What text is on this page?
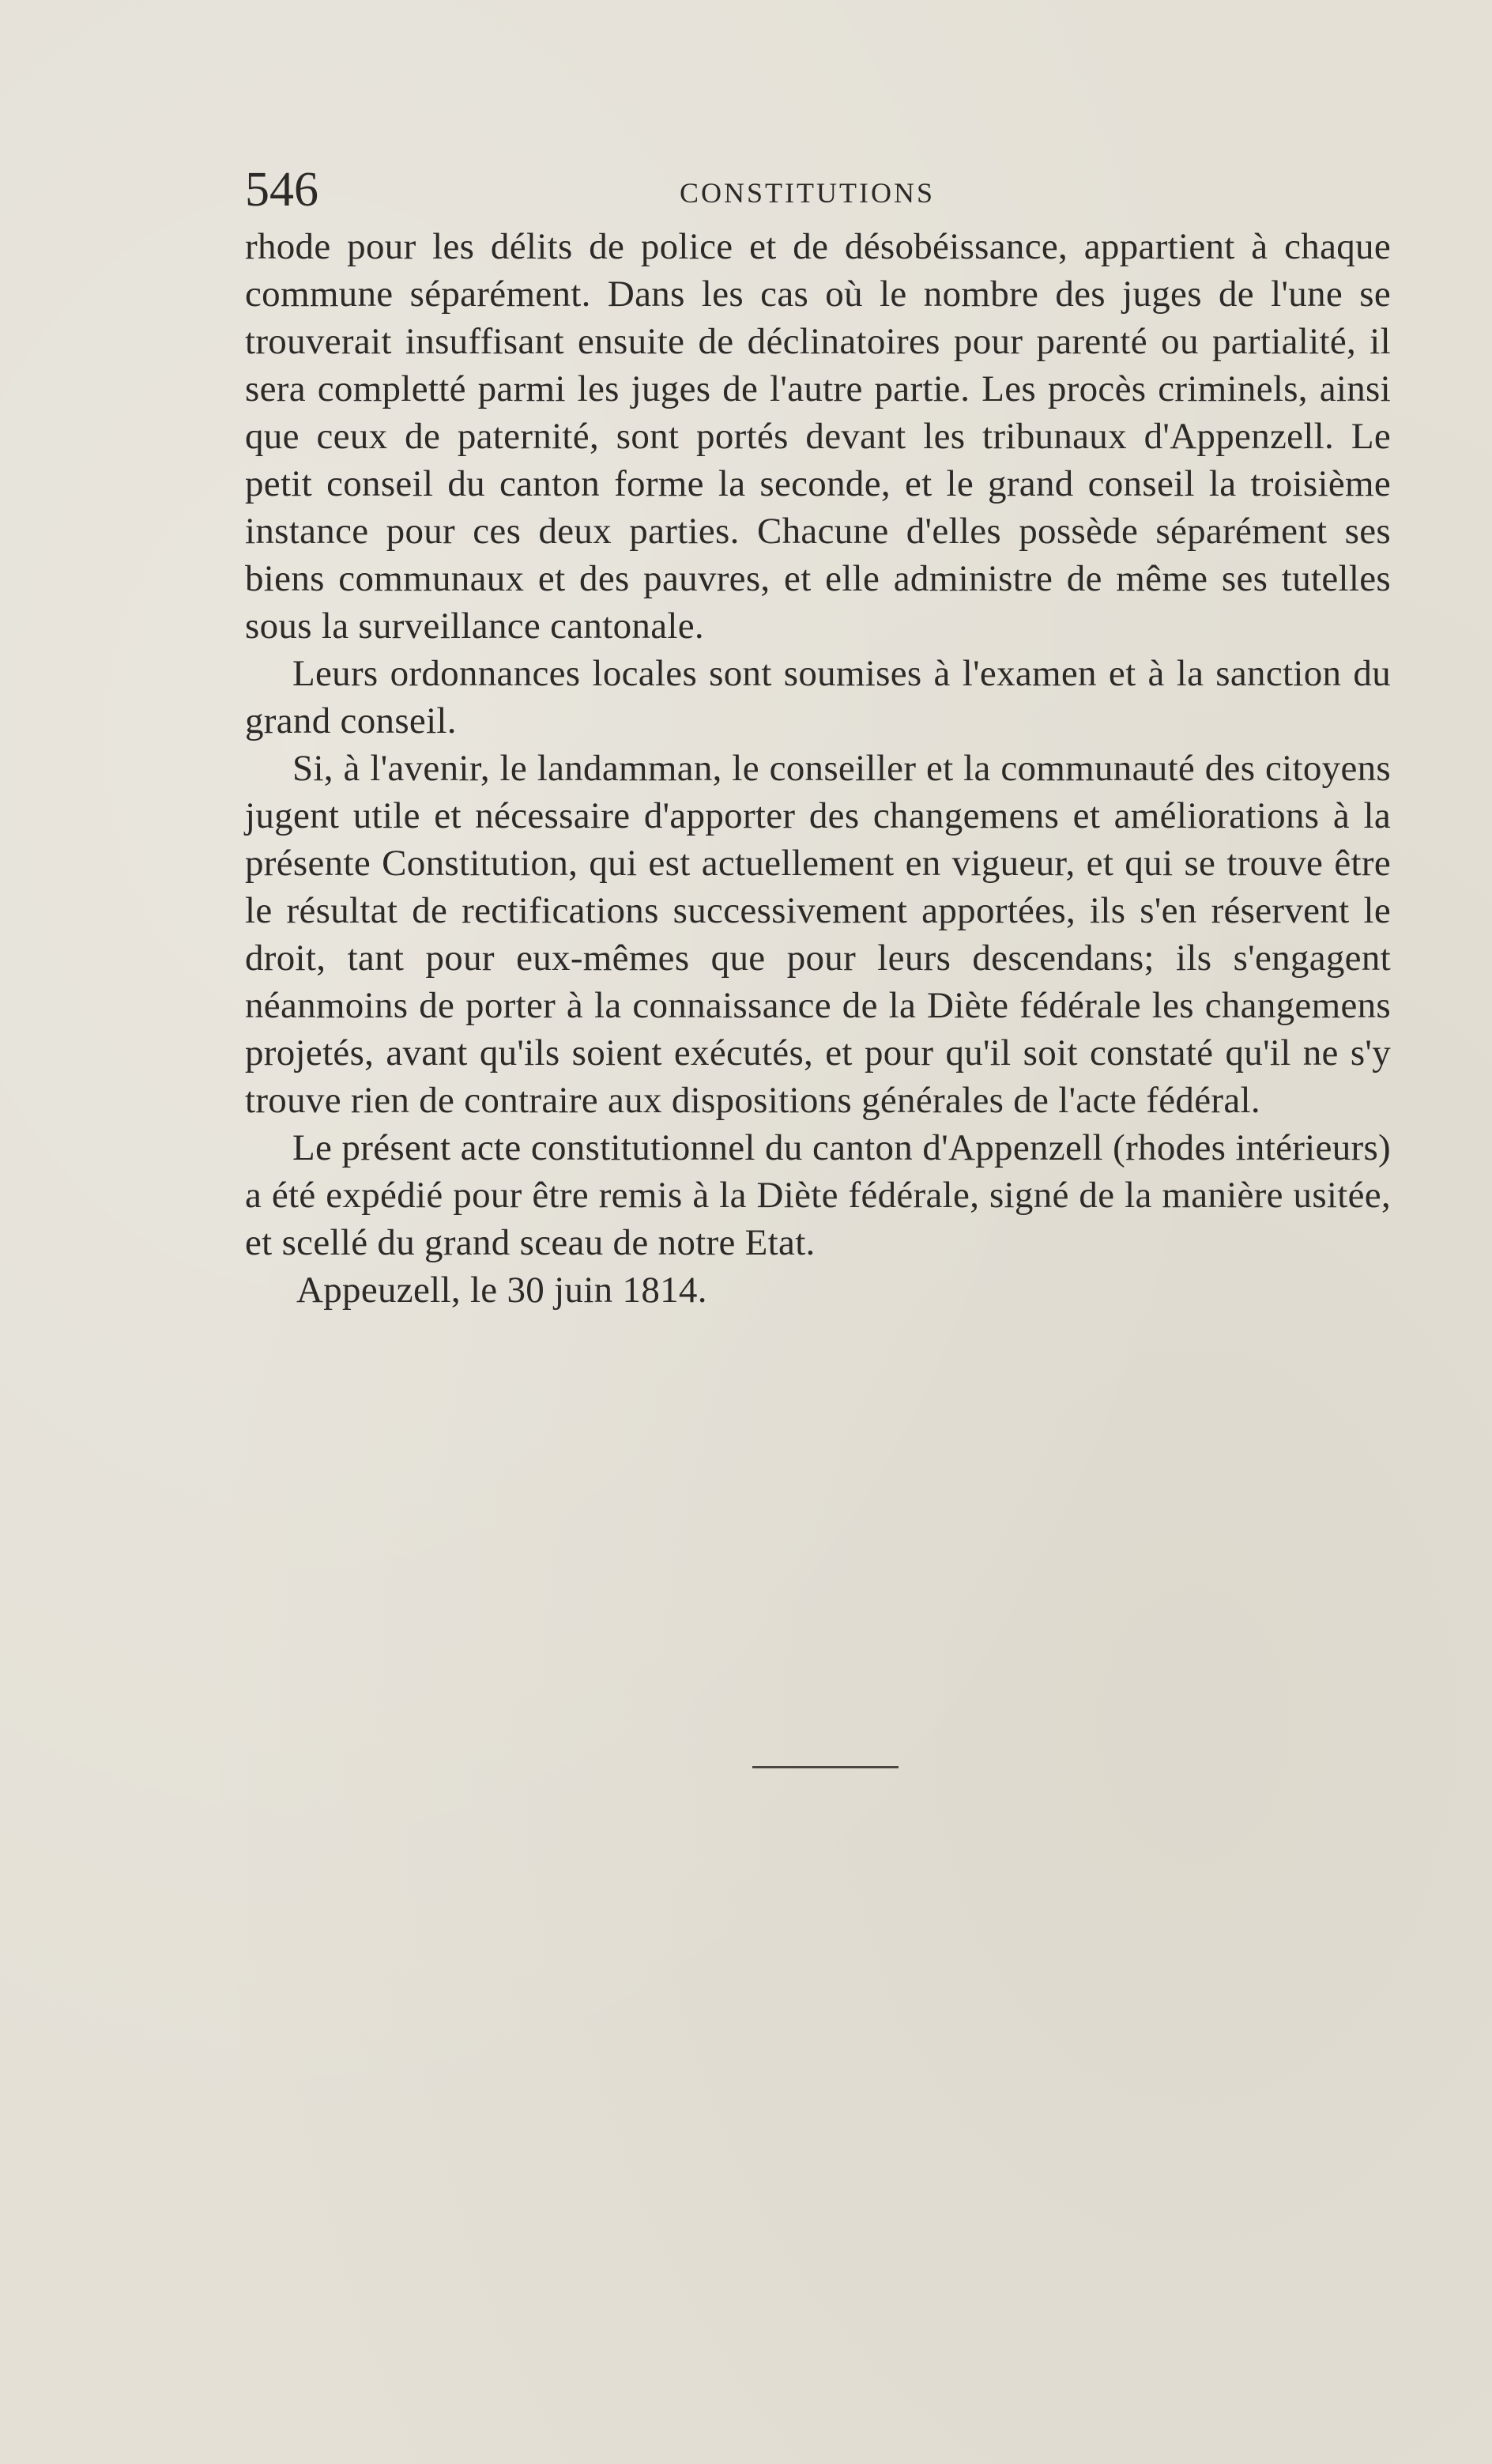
546	CONSTITUTIONS

rhode pour les délits de police et de désobéissance, appartient à chaque commune séparément. Dans les cas où le nombre des juges de l'une se trouverait insuffisant ensuite de déclinatoires pour parenté ou partialité, il sera completté parmi les juges de l'autre partie. Les procès criminels, ainsi que ceux de paternité, sont portés devant les tribunaux d'Appenzell. Le petit conseil du canton forme la seconde, et le grand conseil la troisième instance pour ces deux parties. Chacune d'elles possède séparément ses biens communaux et des pauvres, et elle administre de même ses tutelles sous la surveillance cantonale.

Leurs ordonnances locales sont soumises à l'examen et à la sanction du grand conseil.

Si, à l'avenir, le landamman, le conseiller et la communauté des citoyens jugent utile et nécessaire d'apporter des changemens et améliorations à la présente Constitution, qui est actuellement en vigueur, et qui se trouve être le résultat de rectifications successivement apportées, ils s'en réservent le droit, tant pour eux-mêmes que pour leurs descendans; ils s'engagent néanmoins de porter à la connaissance de la Diète fédérale les changemens projetés, avant qu'ils soient exécutés, et pour qu'il soit constaté qu'il ne s'y trouve rien de contraire aux dispositions générales de l'acte fédéral.

Le présent acte constitutionnel du canton d'Appenzell (rhodes intérieurs) a été expédié pour être remis à la Diète fédérale, signé de la manière usitée, et scellé du grand sceau de notre Etat.

Appeuzell, le 30 juin 1814.
